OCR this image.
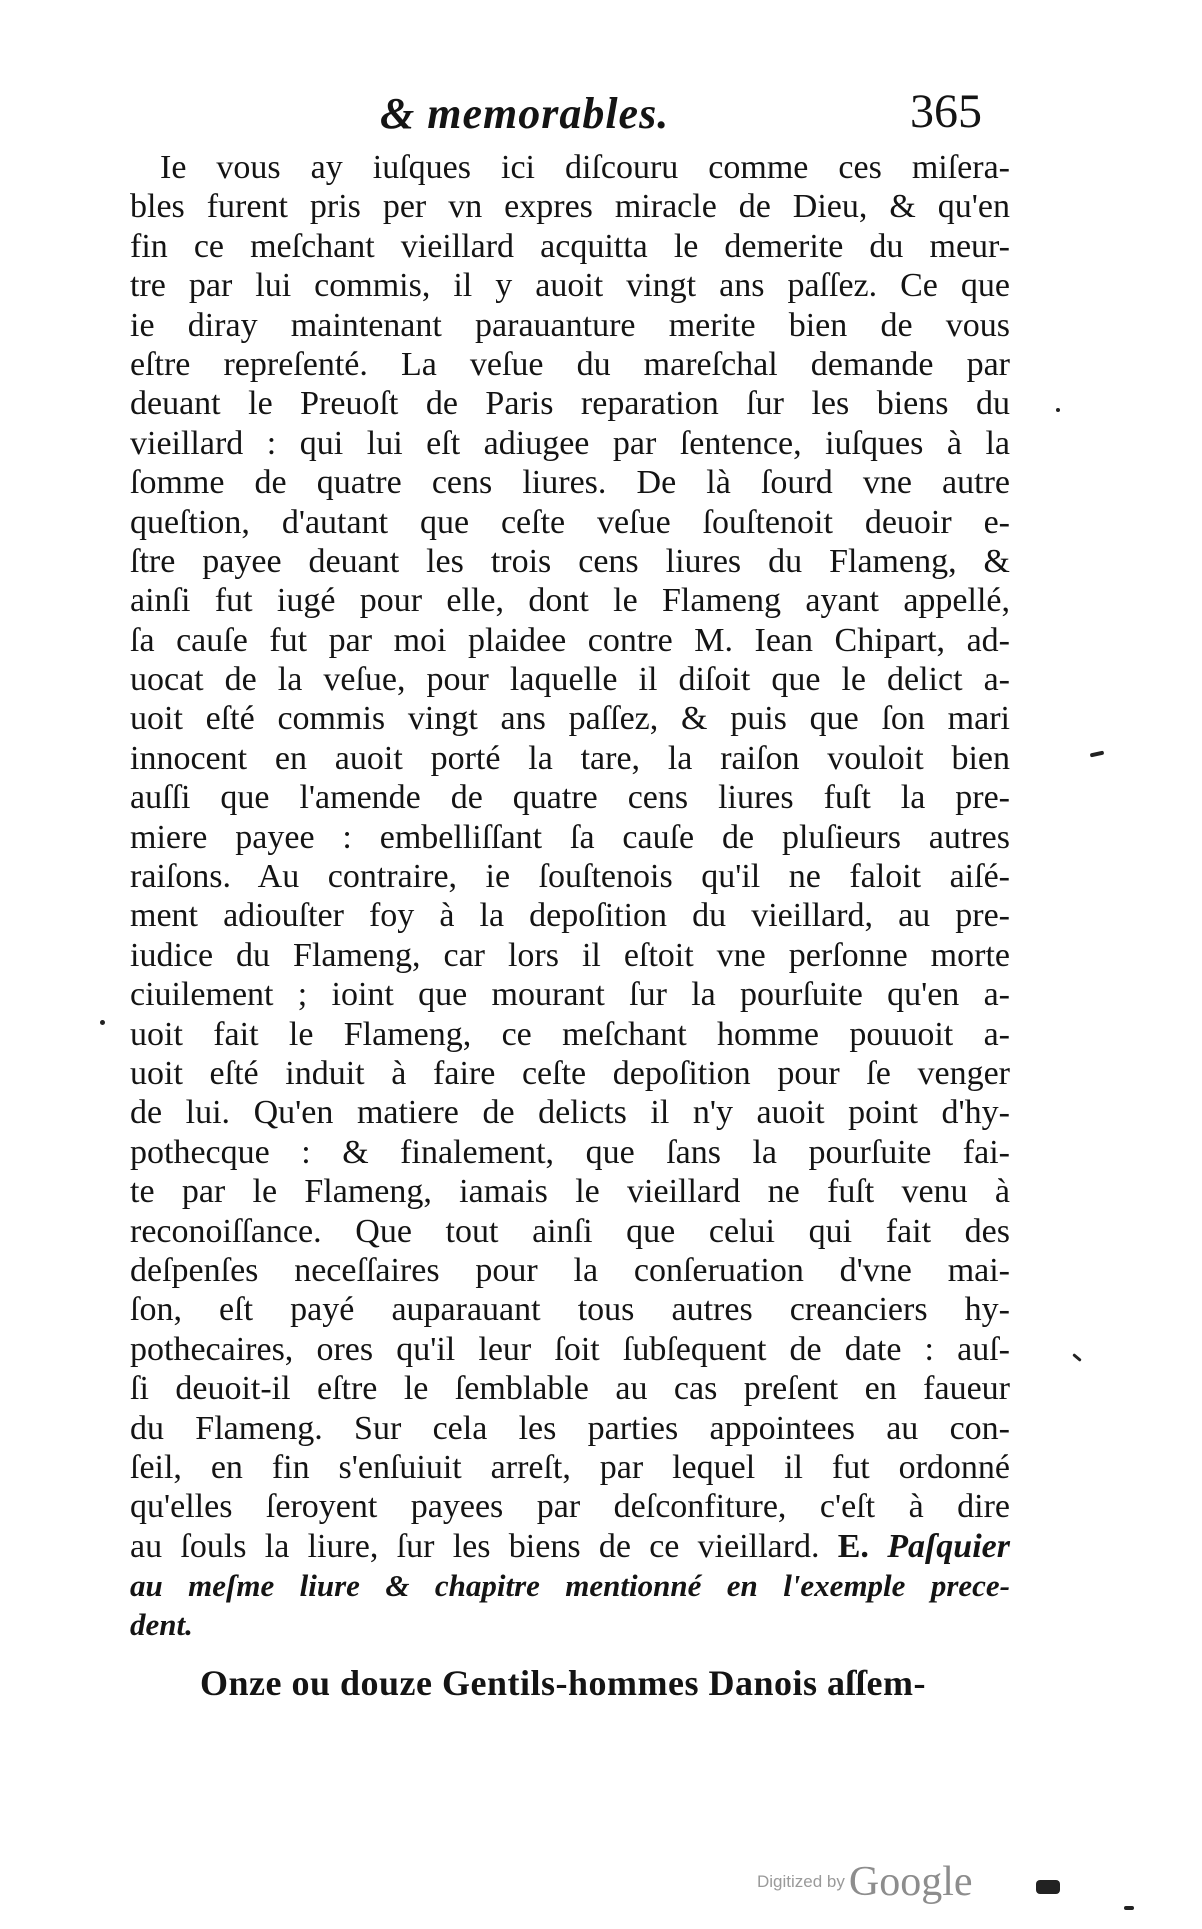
& memorables.	365
Ie vous ay iuſques ici diſcouru comme ces miſera-
bles furent pris per vn expres miracle de Dieu, & qu'en
fin ce meſchant vieillard acquitta le demerite du meur-
tre par lui commis, il y auoit vingt ans paſſez. Ce que
ie diray maintenant parauanture merite bien de vous
eſtre repreſenté. La veſue du mareſchal demande par
deuant le Preuoſt de Paris reparation ſur les biens du
vieillard : qui lui eſt adiugee par ſentence, iuſques à la
ſomme de quatre cens liures. De là ſourd vne autre
queſtion, d'autant que ceſte veſue ſouſtenoit deuoir e-
ſtre payee deuant les trois cens liures du Flameng, &
ainſi fut iugé pour elle, dont le Flameng ayant appellé,
ſa cauſe fut par moi plaidee contre M. Iean Chipart, ad-
uocat de la veſue, pour laquelle il diſoit que le delict a-
uoit eſté commis vingt ans paſſez, & puis que ſon mari
innocent en auoit porté la tare, la raiſon vouloit bien
auſſi que l'amende de quatre cens liures fuſt la pre-
miere payee : embelliſſant ſa cauſe de pluſieurs autres
raiſons. Au contraire, ie ſouſtenois qu'il ne faloit aiſé-
ment adiouſter foy à la depoſition du vieillard, au pre-
iudice du Flameng, car lors il eſtoit vne perſonne morte
ciuilement ; ioint que mourant ſur la pourſuite qu'en a-
uoit fait le Flameng, ce meſchant homme pouuoit a-
uoit eſté induit à faire ceſte depoſition pour ſe venger
de lui. Qu'en matiere de delicts il n'y auoit point d'hy-
pothecque : & finalement, que ſans la pourſuite fai-
te par le Flameng, iamais le vieillard ne fuſt venu à
reconoiſſance. Que tout ainſi que celui qui fait des
deſpenſes neceſſaires pour la conſeruation d'vne mai-
ſon, eſt payé auparauant tous autres creanciers hy-
pothecaires, ores qu'il leur ſoit ſubſequent de date : auſ-
ſi deuoit-il eſtre le ſemblable au cas preſent en faueur
du Flameng. Sur cela les parties appointees au con-
ſeil, en fin s'enſuiuit arreſt, par lequel il fut ordonné
qu'elles ſeroyent payees par deſconfiture, c'eſt à dire
au ſouls la liure, ſur les biens de ce vieillard. E. Paſquier
au meſme liure & chapitre mentionné en l'exemple prece-
dent.
Onze ou douze Gentils-hommes Danois aſſem-
Digitized by Google
